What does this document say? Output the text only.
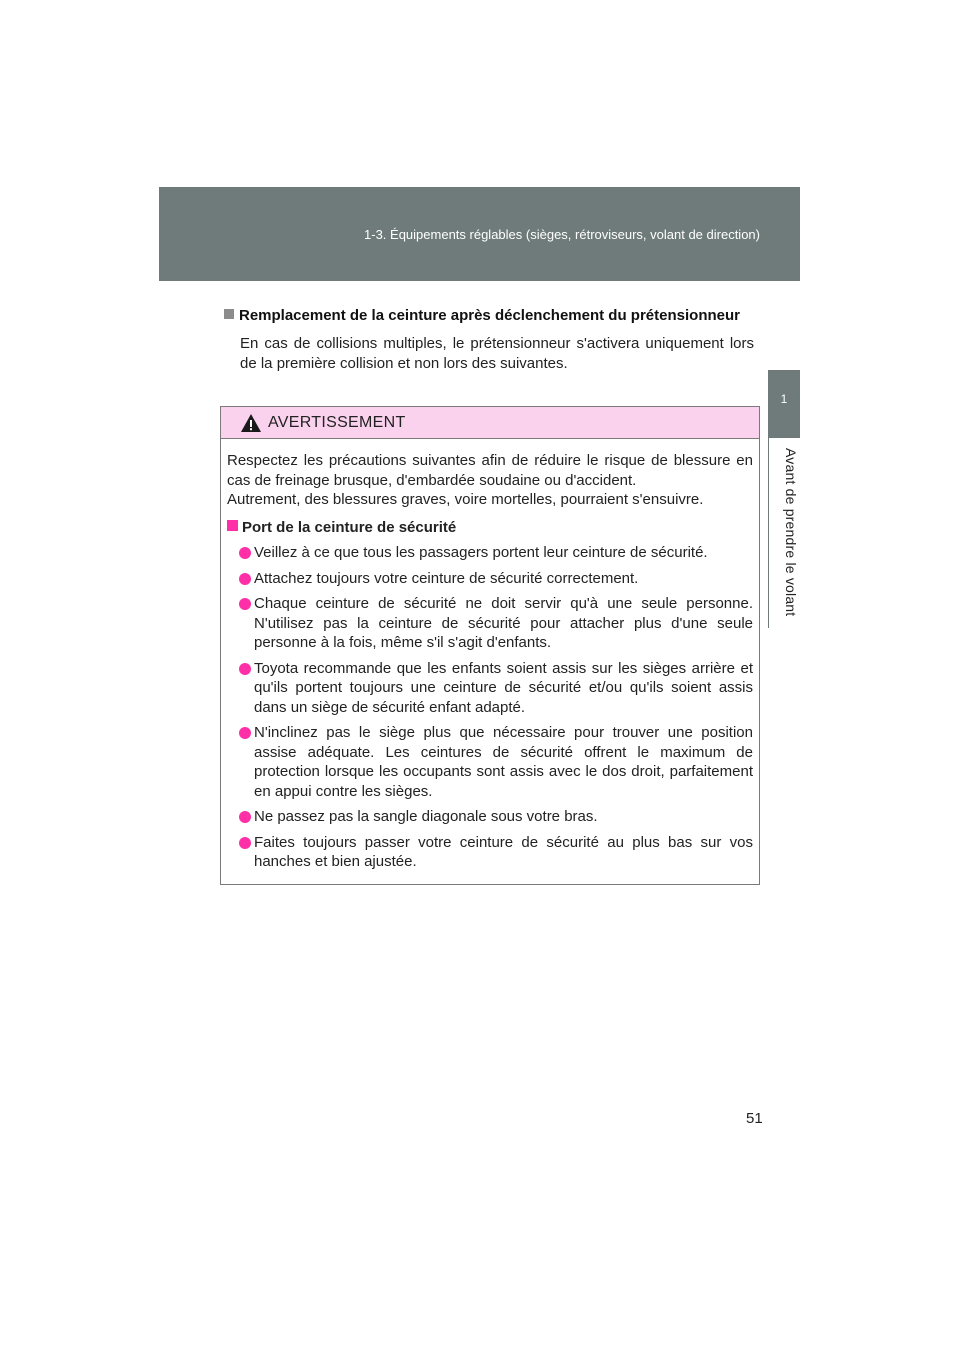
1-3. Équipements réglables (sièges, rétroviseurs, volant de direction)
1
Avant de prendre le volant
Remplacement de la ceinture après déclenchement du prétensionneur
En cas de collisions multiples, le prétensionneur s'activera uniquement lors de la première collision et non lors des suivantes.
AVERTISSEMENT

Respectez les précautions suivantes afin de réduire le risque de blessure en cas de freinage brusque, d'embardée soudaine ou d'accident.
Autrement, des blessures graves, voire mortelles, pourraient s'ensuivre.

Port de la ceinture de sécurité

Veillez à ce que tous les passagers portent leur ceinture de sécurité.
Attachez toujours votre ceinture de sécurité correctement.
Chaque ceinture de sécurité ne doit servir qu'à une seule personne. N'utilisez pas la ceinture de sécurité pour attacher plus d'une seule personne à la fois, même s'il s'agit d'enfants.
Toyota recommande que les enfants soient assis sur les sièges arrière et qu'ils portent toujours une ceinture de sécurité et/ou qu'ils soient assis dans un siège de sécurité enfant adapté.
N'inclinez pas le siège plus que nécessaire pour trouver une position assise adéquate. Les ceintures de sécurité offrent le maximum de protection lorsque les occupants sont assis avec le dos droit, parfaitement en appui contre les sièges.
Ne passez pas la sangle diagonale sous votre bras.
Faites toujours passer votre ceinture de sécurité au plus bas sur vos hanches et bien ajustée.
51
